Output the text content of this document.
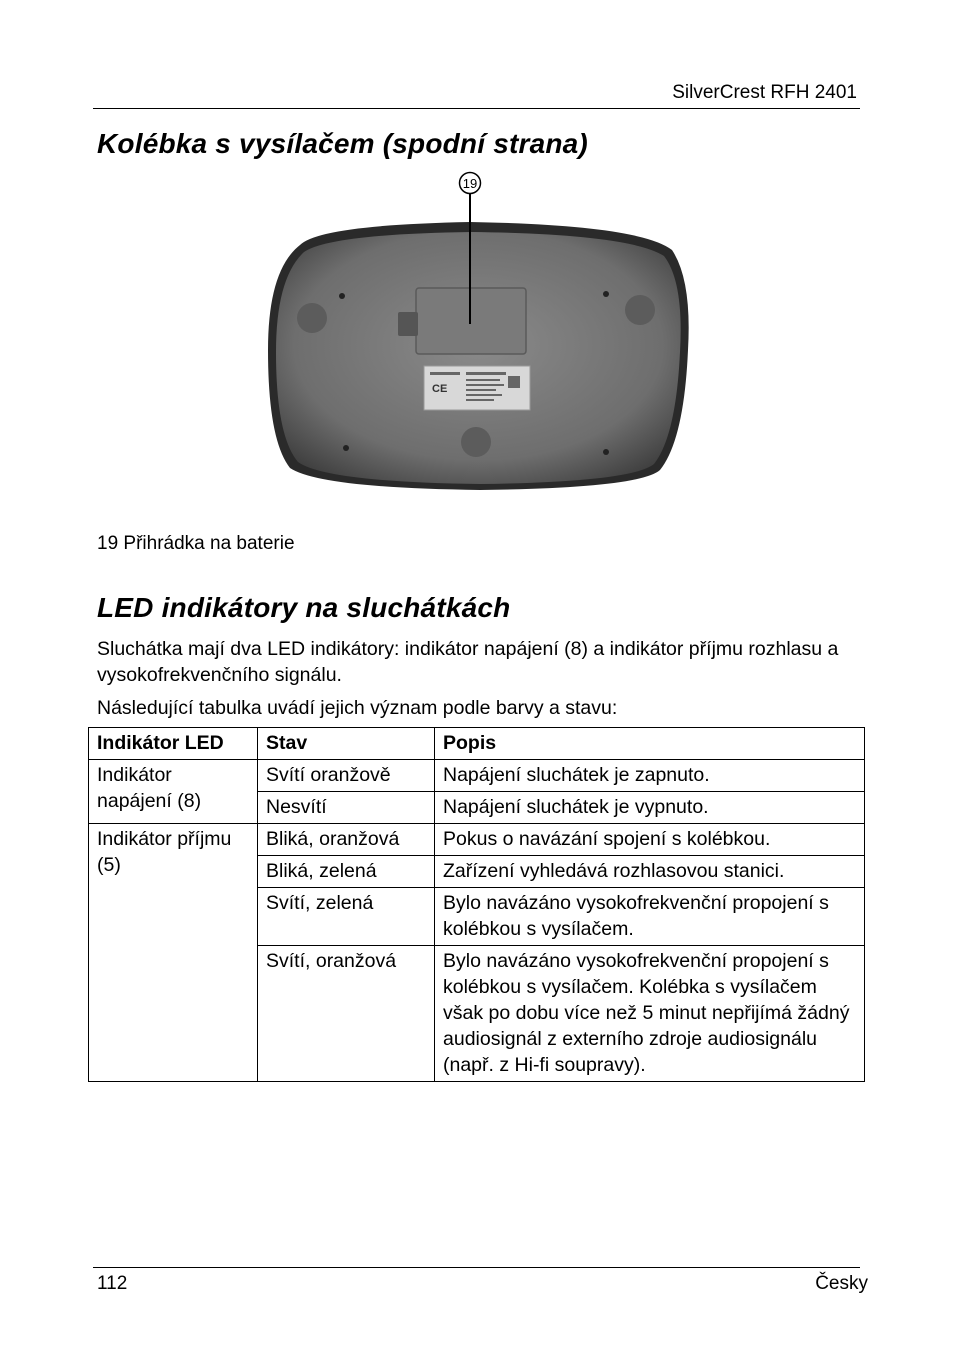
SilverCrest RFH 2401
Kolébka s vysílačem (spodní strana)
CE
19
19 Přihrádka na baterie
LED indikátory na sluchátkách

Sluchátka mají dva LED indikátory: indikátor napájení (8) a indikátor příjmu rozhlasu a vysokofrekvenčního signálu.

Následující tabulka uvádí jejich význam podle barvy a stavu:

Indikátor LED	Stav	Popis
Indikátor napájení (8)	Svítí oranžově	Napájení sluchátek je zapnuto.
	Nesvítí	Napájení sluchátek je vypnuto.
Indikátor příjmu (5)	Bliká, oranžová	Pokus o navázání spojení s kolébkou.
	Bliká, zelená	Zařízení vyhledává rozhlasovou stanici.
	Svítí, zelená	Bylo navázáno vysokofrekvenční propojení s kolébkou s vysílačem.
	Svítí, oranžová	Bylo navázáno vysokofrekvenční propojení s kolébkou s vysílačem. Kolébka s vysílačem však po dobu více než 5 minut nepřijímá žádný audiosignál z externího zdroje audiosignálu (např. z Hi-fi soupravy).
112	Česky
